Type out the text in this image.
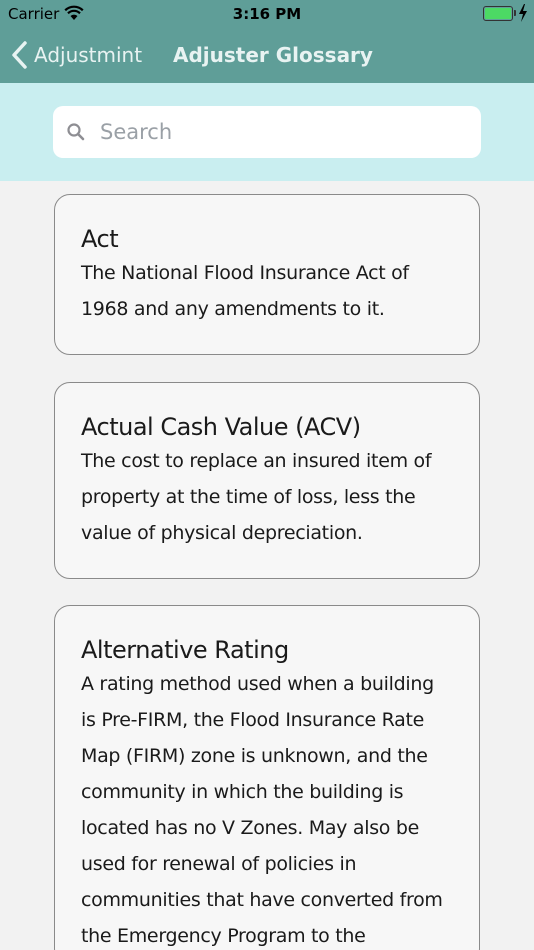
Carrier	3:16 PM
Adjustmint Adjuster Glossary
Search
Act
The National Flood Insurance Act of 1968 and any amendments to it.
Actual Cash Value (ACV)
The cost to replace an insured item of property at the time of loss, less the value of physical depreciation.
Alternative Rating
A rating method used when a building is Pre-FIRM, the Flood Insurance Rate Map (FIRM) zone is unknown, and the community in which the building is located has no V Zones. May also be used for renewal of policies in communities that have converted from the Emergency Program to the
